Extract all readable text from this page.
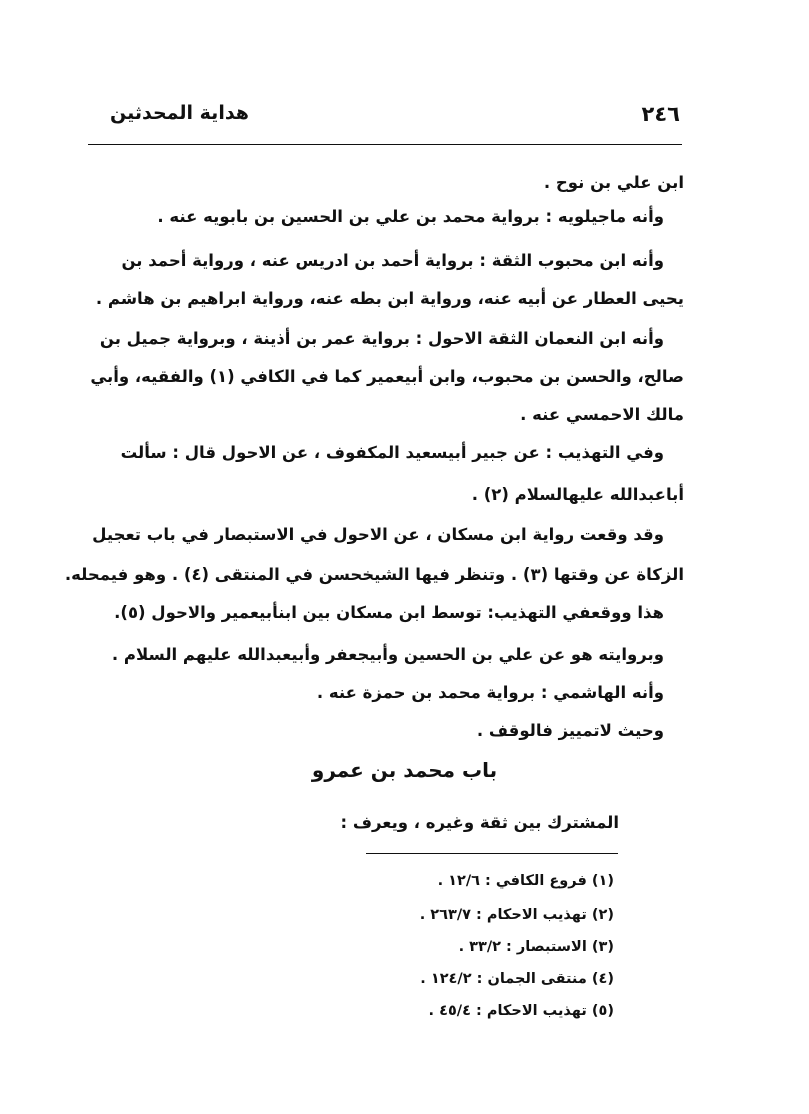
٢٤٦
هداية المحدثين
ابن علي بن نوح .
وأنه ماجيلويه : برواية محمد بن علي بن الحسين بن بابويه عنه .
وأنه ابن محبوب الثقة : برواية أحمد بن ادريس عنه ، ورواية أحمد بن
يحيى العطار عن أبيه عنه، ورواية ابن بطه عنه، ورواية ابراهيم بن هاشم .
وأنه ابن النعمان الثقة الاحول : برواية عمر بن أذينة ، وبرواية جميل بن
صالح، والحسن بن محبوب، وابن أبيعمير كما في الكافي (١) والفقيه، وأبي
مالك الاحمسي عنه .
وفي التهذيب : عن جبير أبيسعيد المكفوف ، عن الاحول قال : سألت
أباعبدالله عليهالسلام (٢) .
وقد وقعت رواية ابن مسكان ، عن الاحول في الاستبصار في باب تعجيل
الزكاة عن وقتها (٣) . وتنظر فيها الشيخحسن في المنتقى (٤) . وهو فيمحله.
هذا ووقعفي التهذيب: توسط ابن مسكان بين ابنأبيعمير والاحول (٥).
وبروايته هو عن علي بن الحسين وأبيجعفر وأبيعبدالله عليهم السلام .
وأنه الهاشمي : برواية محمد بن حمزة عنه .
وحيث لاتمييز فالوقف .
باب محمد بن عمرو
المشترك بين ثقة وغيره ، ويعرف :
(١) فروع الكافي : ١٢/٦ .
(٢) تهذيب الاحكام : ٢٦٣/٧ .
(٣) الاستبصار : ٣٣/٢ .
(٤) منتقى الجمان : ١٢٤/٢ .
(٥) تهذيب الاحكام : ٤٥/٤ .
